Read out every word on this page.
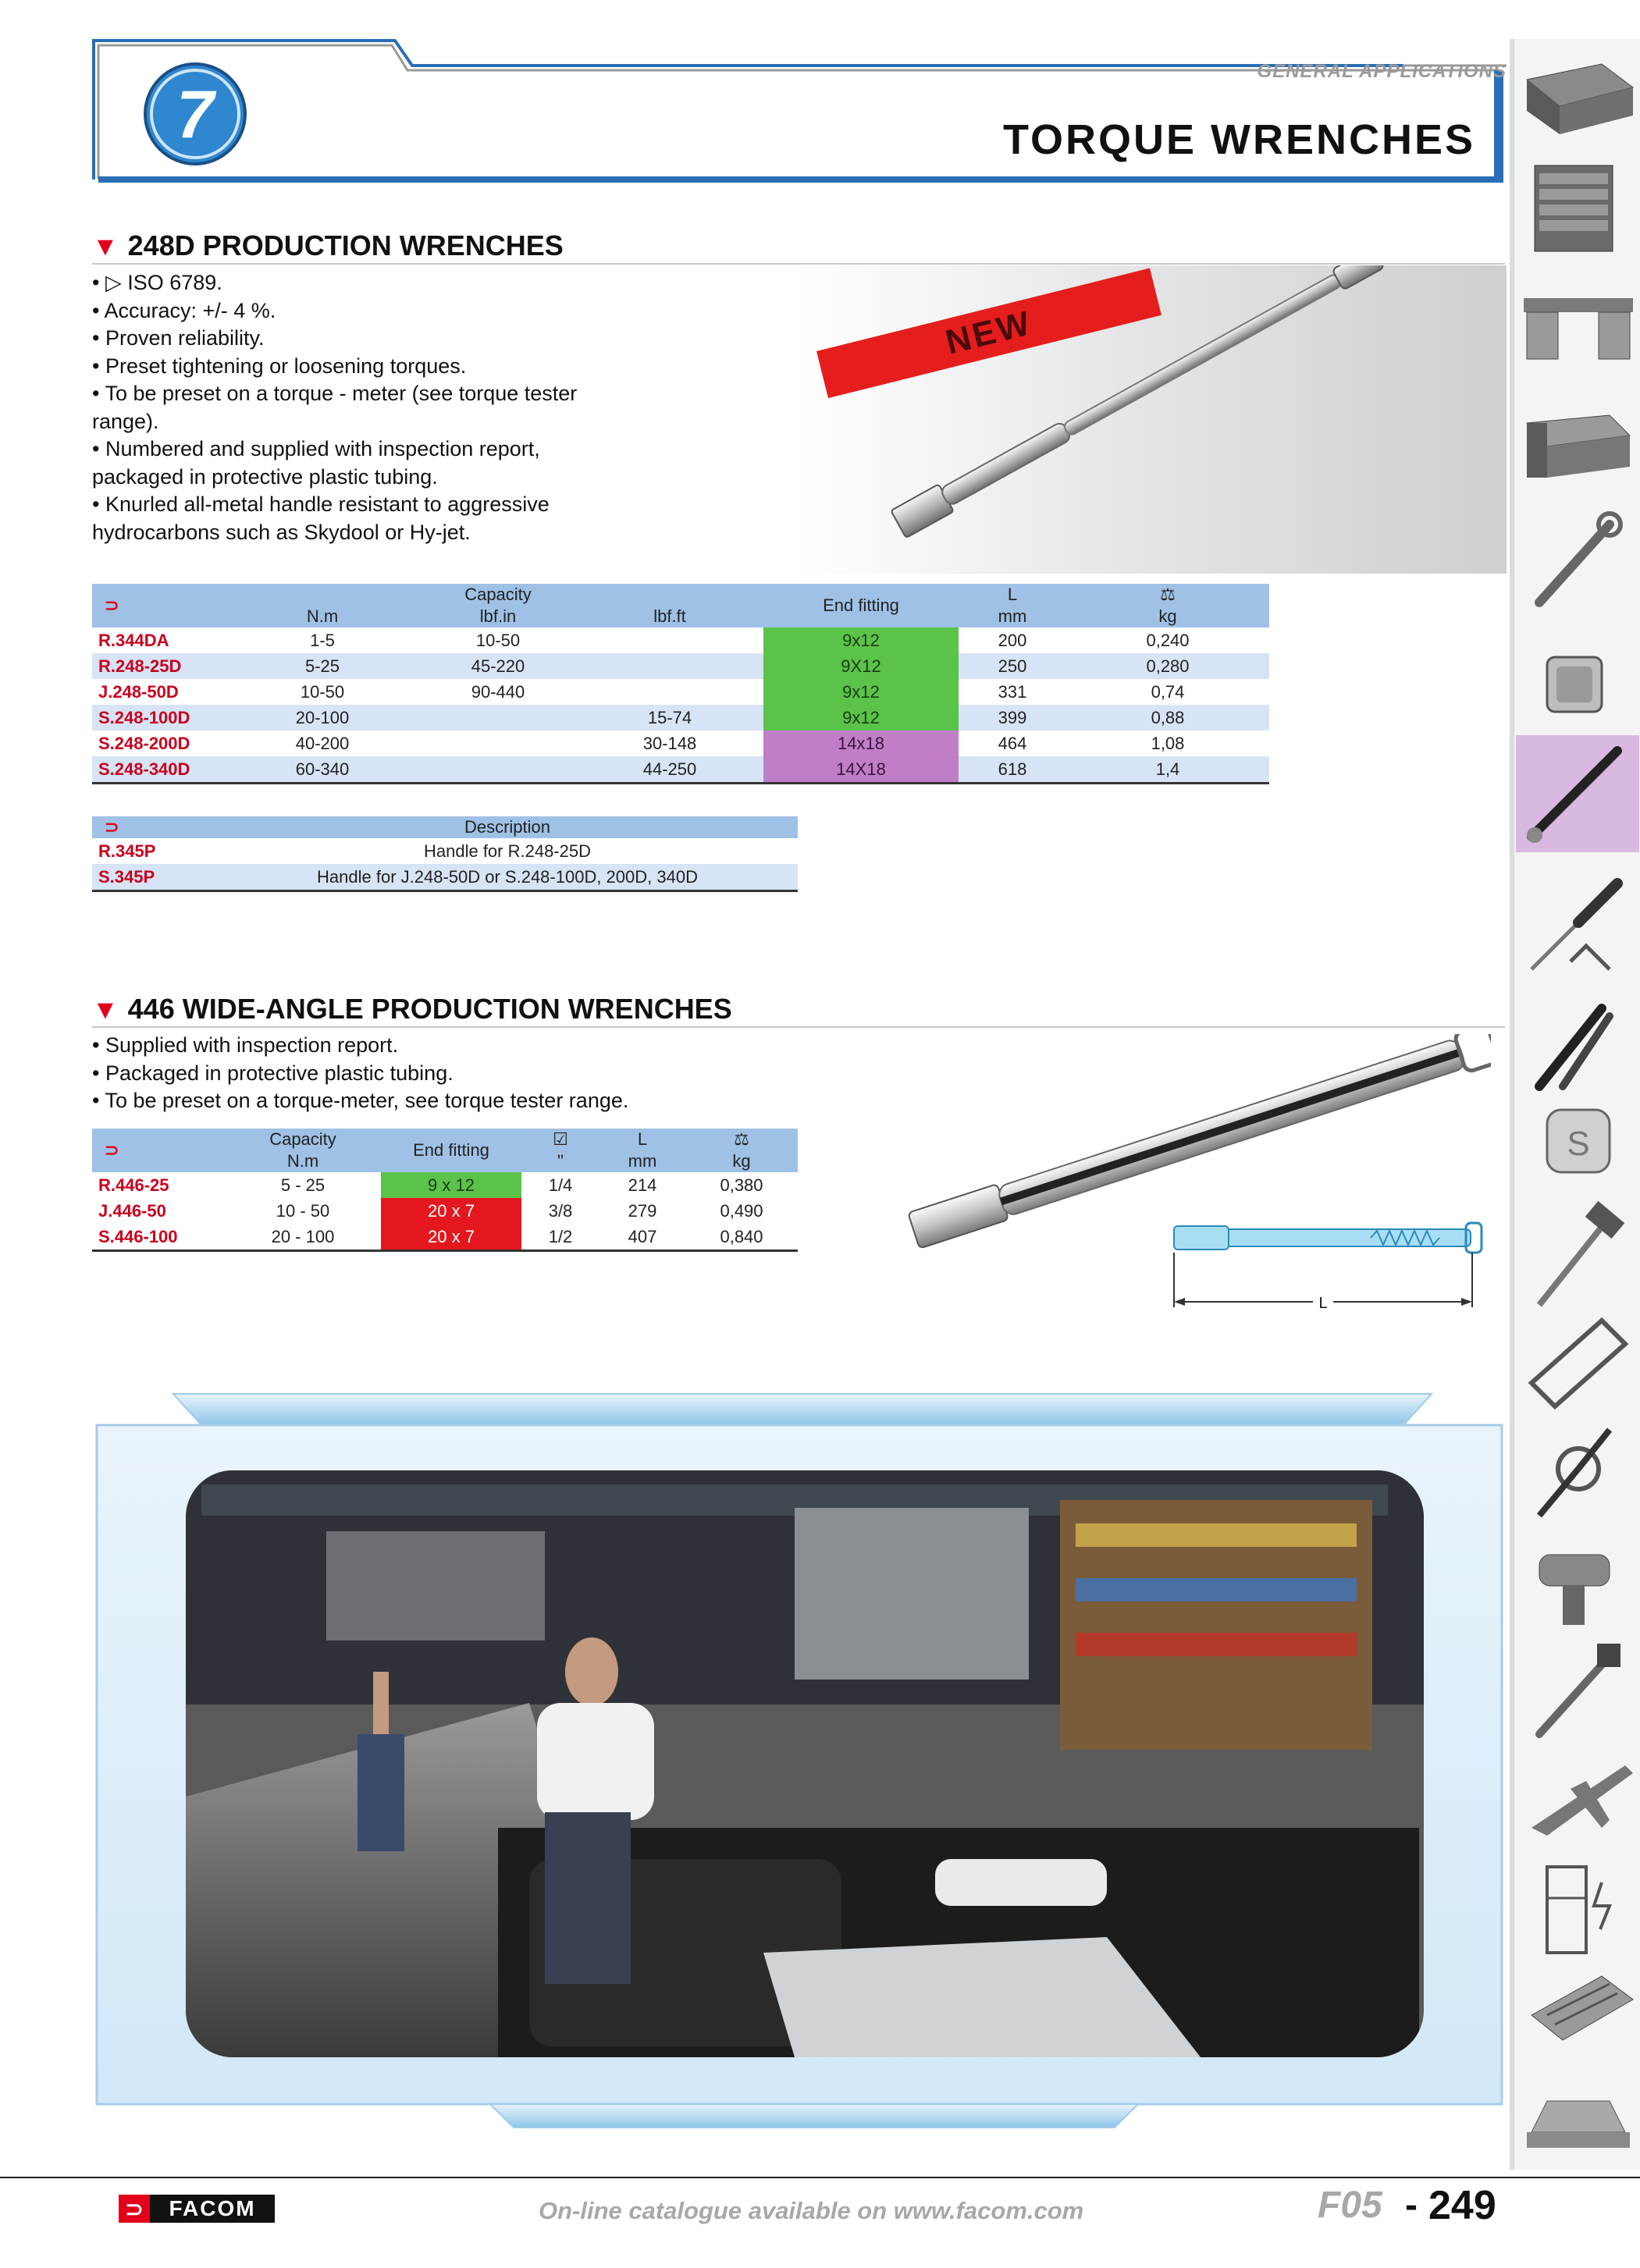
7
GENERAL APPLICATIONS
TORQUE WRENCHES
▼ 248D PRODUCTION WRENCHES
• ▷ ISO 6789.
• Accuracy: +/- 4 %.
• Proven reliability.
• Preset tightening or loosening torques.
• To be preset on a torque - meter (see torque tester
range).
• Numbered and supplied with inspection report,
packaged in protective plastic tubing.
• Knurled all-metal handle resistant to aggressive
hydrocarbons such as Skydool or Hy-jet.
NEW
⊃		Capacity		End fitting	L	⚖
	N.m	lbf.in	lbf.ft		mm	kg
R.344DA	1-5	10-50		9x12	200	0,240
R.248-25D	5-25	45-220		9X12	250	0,280
J.248-50D	10-50	90-440		9x12	331	0,74
S.248-100D	20-100		15-74	9x12	399	0,88
S.248-200D	40-200		30-148	14x18	464	1,08
S.248-340D	60-340		44-250	14X18	618	1,4
⊃	Description
R.345P	Handle for R.248-25D
S.345P	Handle for J.248-50D or S.248-100D, 200D, 340D
▼ 446 WIDE-ANGLE PRODUCTION WRENCHES
• Supplied with inspection report.
• Packaged in protective plastic tubing.
• To be preset on a torque-meter, see torque tester range.
⊃	Capacity	End fitting	☑	L	⚖
	N.m		"	mm	kg
R.446-25	5 - 25	9 x 12	1/4	214	0,380
J.446-50	10 - 50	20 x 7	3/8	279	0,490
S.446-100	20 - 100	20 x 7	1/2	407	0,840
L
S
⊃	FACOM	On-line catalogue available on www.facom.com	F05 - 249
